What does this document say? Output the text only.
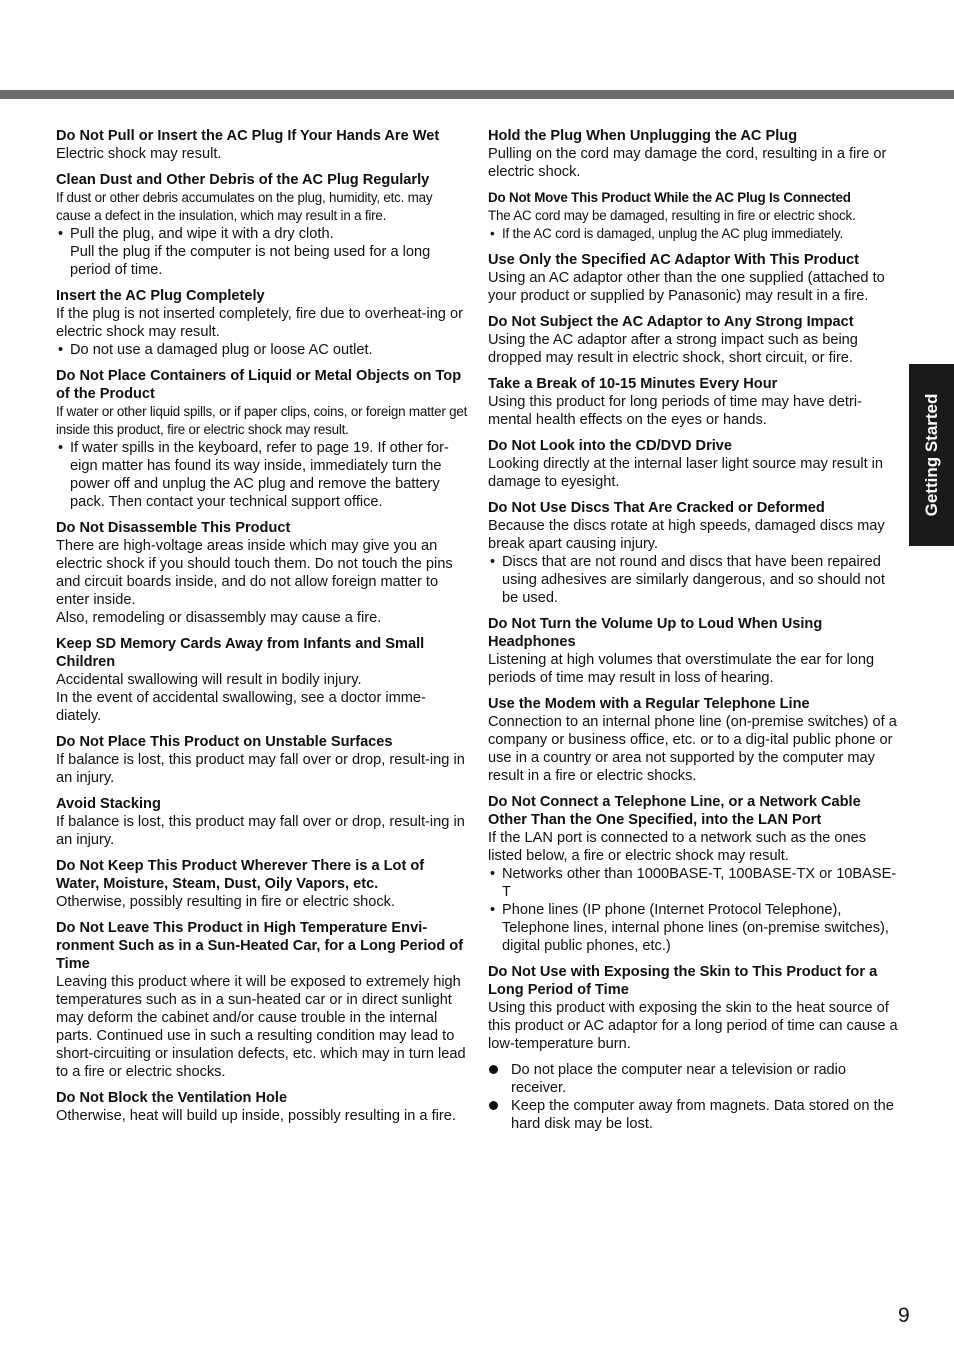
Do Not Pull or Insert the AC Plug If Your Hands Are Wet

Electric shock may result.

Clean Dust and Other Debris of the AC Plug Regularly

If dust or other debris accumulates on the plug, humidity, etc. may cause a defect in the insulation, which may result in a fire.

• Pull the plug, and wipe it with a dry cloth.

Pull the plug if the computer is not being used for a long period of time.

Insert the AC Plug Completely

If the plug is not inserted completely, fire due to overheat-ing or electric shock may result.

• Do not use a damaged plug or loose AC outlet.
Do Not Place Containers of Liquid or Metal Objects on Top of the Product

If water or other liquid spills, or if paper clips, coins, or foreign matter get inside this product, fire or electric shock may result.

• If water spills in the keyboard, refer to page 19. If other for-eign matter has found its way inside, immediately turn the power off and unplug the AC plug and remove the battery pack. Then contact your technical support office.
Do Not Disassemble This Product

There are high-voltage areas inside which may give you an electric shock if you should touch them. Do not touch the pins and circuit boards inside, and do not allow foreign matter to enter inside.

Also, remodeling or disassembly may cause a fire.

Keep SD Memory Cards Away from Infants and Small Children

Accidental swallowing will result in bodily injury.

In the event of accidental swallowing, see a doctor imme-diately.

Do Not Place This Product on Unstable Surfaces

If balance is lost, this product may fall over or drop, result-ing in an injury.

Avoid Stacking

If balance is lost, this product may fall over or drop, result-ing in an injury.

Do Not Keep This Product Wherever There is a Lot of Water, Moisture, Steam, Dust, Oily Vapors, etc.

Otherwise, possibly resulting in fire or electric shock.

Do Not Leave This Product in High Temperature Envi-ronment Such as in a Sun-Heated Car, for a Long Period of Time

Leaving this product where it will be exposed to extremely high temperatures such as in a sun-heated car or in direct sunlight may deform the cabinet and/or cause trouble in the internal parts. Continued use in such a resulting condition may lead to short-circuiting or insulation defects, etc. which may in turn lead to a fire or electric shocks.

Do Not Block the Ventilation Hole

Otherwise, heat will build up inside, possibly resulting in a fire.

Hold the Plug When Unplugging the AC Plug

Pulling on the cord may damage the cord, resulting in a fire or electric shock.

Do Not Move This Product While the AC Plug Is Connected

The AC cord may be damaged, resulting in fire or electric shock.

• If the AC cord is damaged, unplug the AC plug immediately.
Use Only the Specified AC Adaptor With This Product

Using an AC adaptor other than the one supplied (attached to your product or supplied by Panasonic) may result in a fire.

Do Not Subject the AC Adaptor to Any Strong Impact

Using the AC adaptor after a strong impact such as being dropped may result in electric shock, short circuit, or fire.

Take a Break of 10-15 Minutes Every Hour

Using this product for long periods of time may have detri-mental health effects on the eyes or hands.

Do Not Look into the CD/DVD Drive

Looking directly at the internal laser light source may result in damage to eyesight.

Do Not Use Discs That Are Cracked or Deformed

Because the discs rotate at high speeds, damaged discs may break apart causing injury.

• Discs that are not round and discs that have been repaired using adhesives are similarly dangerous, and so should not be used.
Do Not Turn the Volume Up to Loud When Using Headphones

Listening at high volumes that overstimulate the ear for long periods of time may result in loss of hearing.

Use the Modem with a Regular Telephone Line

Connection to an internal phone line (on-premise switches) of a company or business office, etc. or to a dig-ital public phone or use in a country or area not supported by the computer may result in a fire or electric shocks.

Do Not Connect a Telephone Line, or a Network Cable Other Than the One Specified, into the LAN Port

If the LAN port is connected to a network such as the ones listed below, a fire or electric shock may result.

• Networks other than 1000BASE-T, 100BASE-TX or 10BASE-T
• Phone lines (IP phone (Internet Protocol Telephone), Telephone lines, internal phone lines (on-premise switches), digital public phones, etc.)
Do Not Use with Exposing the Skin to This Product for a Long Period of Time

Using this product with exposing the skin to the heat source of this product or AC adaptor for a long period of time can cause a low-temperature burn.

Do not place the computer near a television or radio receiver.
Keep the computer away from magnets. Data stored on the hard disk may be lost.
Getting Started
9
